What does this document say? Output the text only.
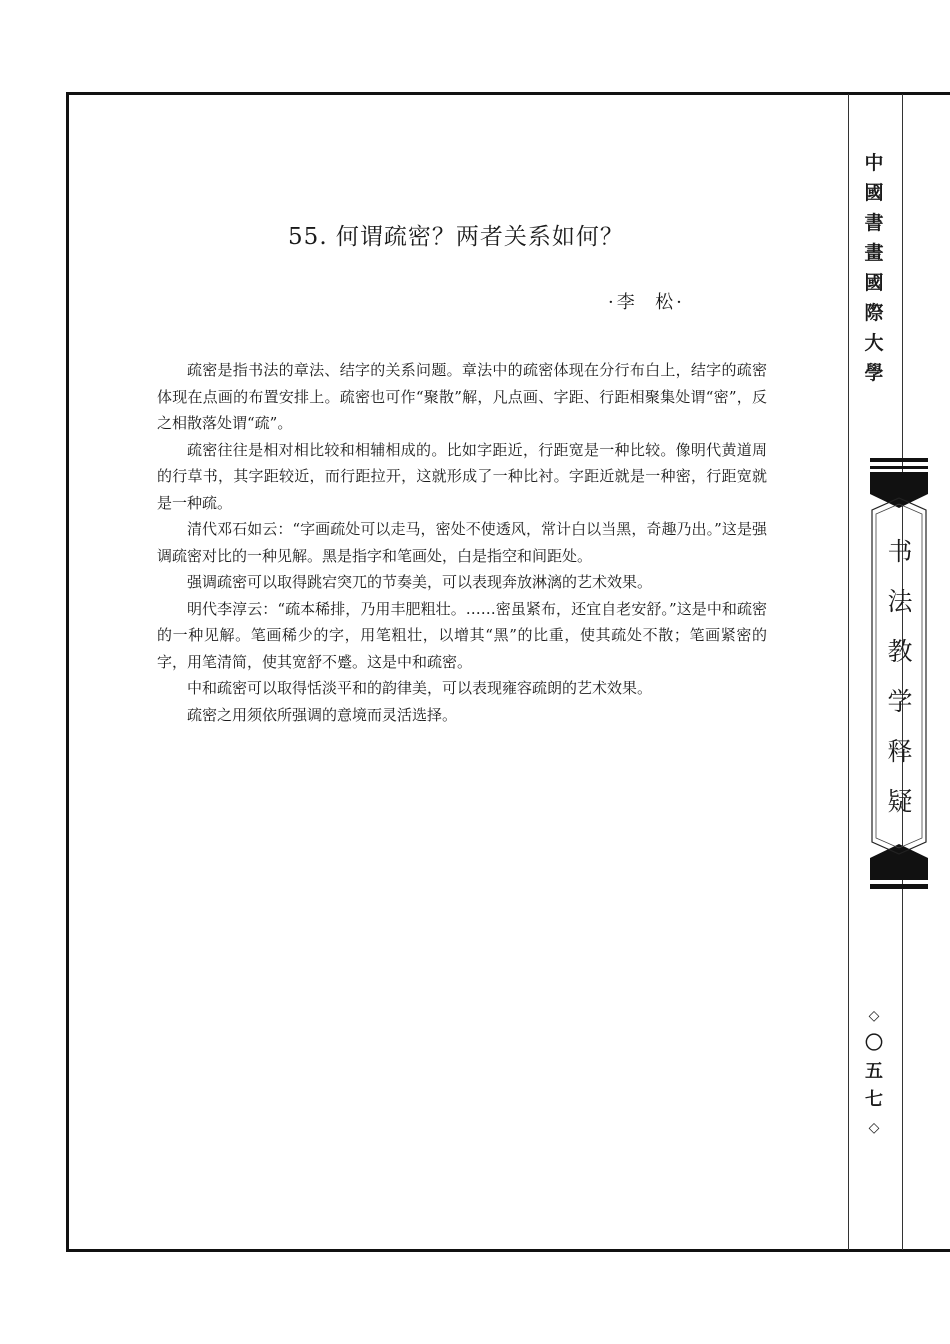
55. 何谓疏密？两者关系如何？
·李  松·

疏密是指书法的章法、结字的关系问题。章法中的疏密体现在分行布白上，结字的疏密体现在点画的布置安排上。疏密也可作“聚散”解，凡点画、字距、行距相聚集处谓“密”，反之相散落处谓“疏”。

疏密往往是相对相比较和相辅相成的。比如字距近，行距宽是一种比较。像明代黄道周的行草书，其字距较近，而行距拉开，这就形成了一种比衬。字距近就是一种密，行距宽就是一种疏。

清代邓石如云：“字画疏处可以走马，密处不使透风，常计白以当黑，奇趣乃出。”这是强调疏密对比的一种见解。黑是指字和笔画处，白是指空和间距处。

强调疏密可以取得跳宕突兀的节奏美，可以表现奔放淋漓的艺术效果。

明代李淳云：“疏本稀排，乃用丰肥粗壮。……密虽紧布，还宜自老安舒。”这是中和疏密的一种见解。笔画稀少的字，用笔粗壮，以增其“黑”的比重，使其疏处不散；笔画紧密的字，用笔清简，使其宽舒不蹙。这是中和疏密。

中和疏密可以取得恬淡平和的韵律美，可以表现雍容疏朗的艺术效果。

疏密之用须依所强调的意境而灵活选择。

中
國
書
畫
國
際
大
學
书
法
教
学
释
疑
◇
〇
五
七
◇
